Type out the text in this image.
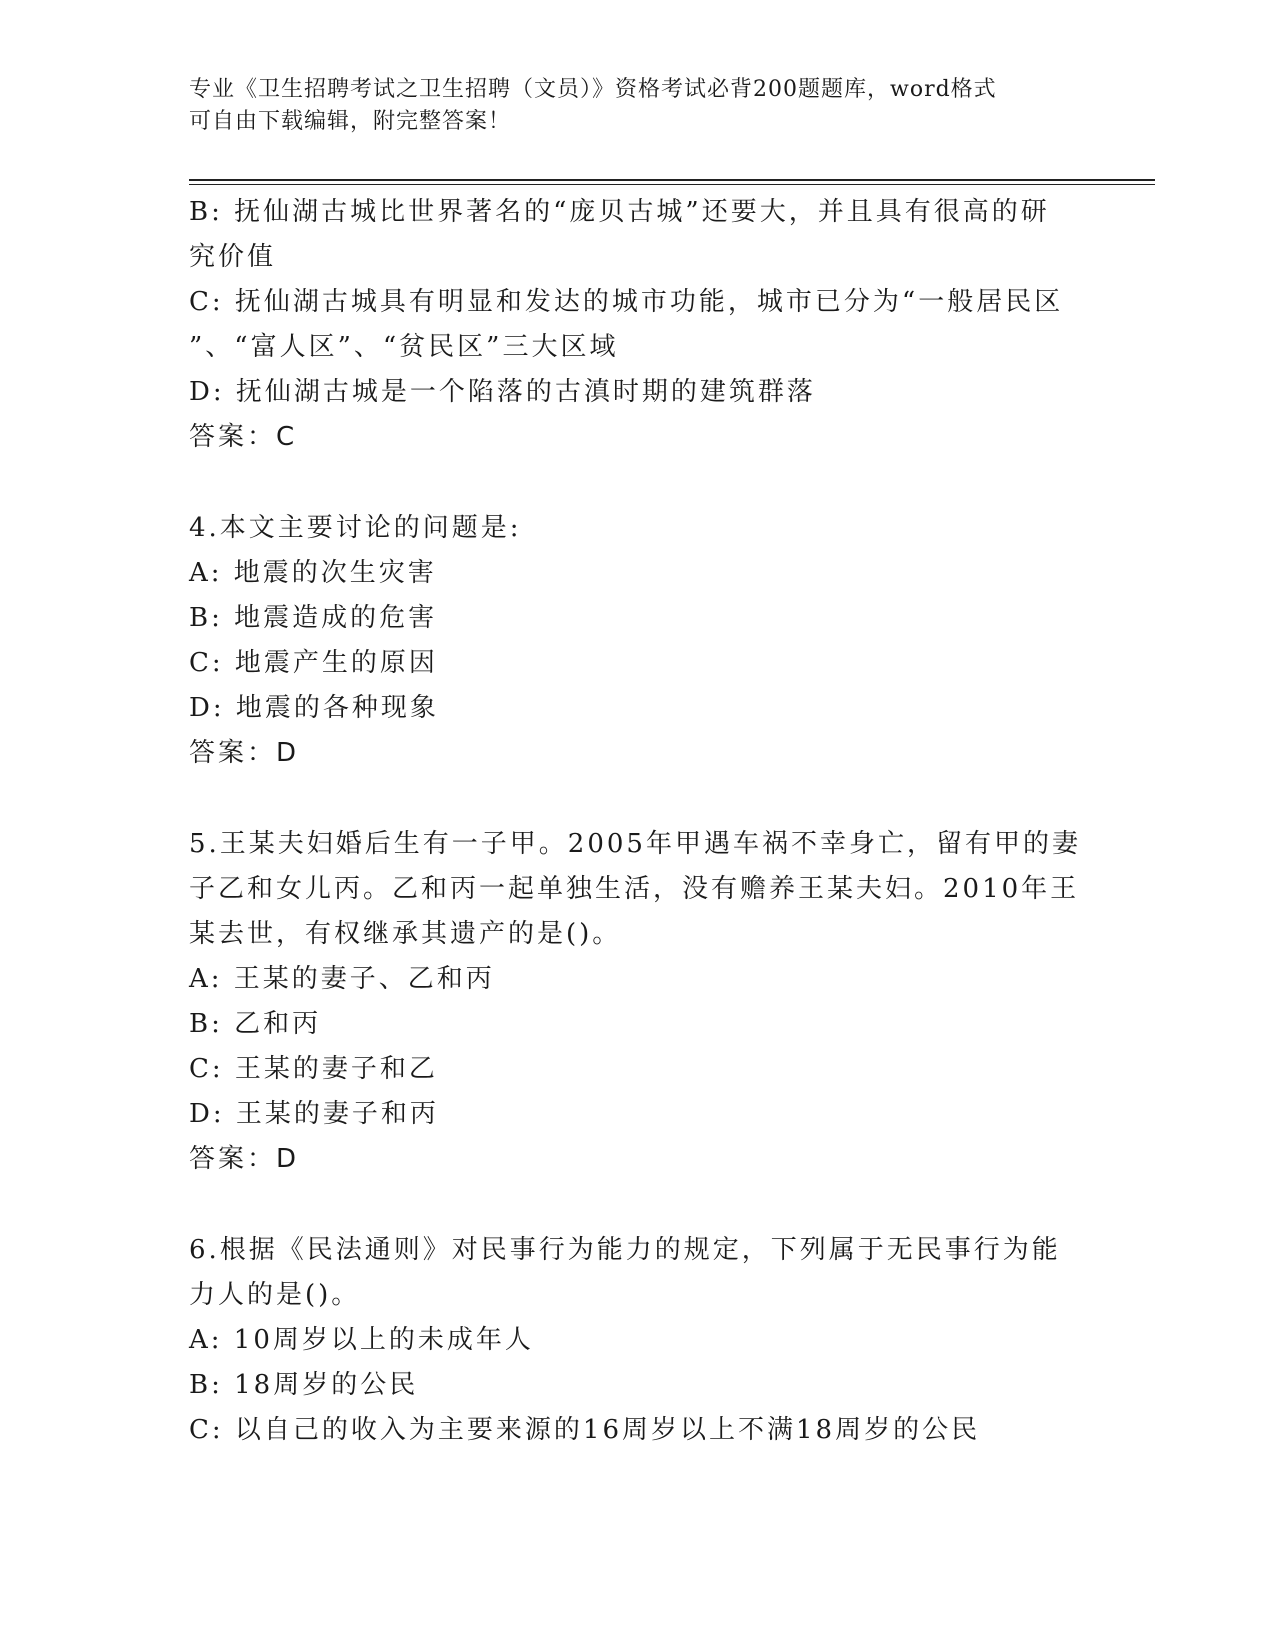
专业《卫生招聘考试之卫生招聘（文员）》资格考试必背200题题库，word格式
可自由下载编辑，附完整答案！
B: 抚仙湖古城比世界著名的“庞贝古城”还要大，并且具有很高的研
究价值
C: 抚仙湖古城具有明显和发达的城市功能，城市已分为“一般居民区
”、“富人区”、“贫民区”三大区域
D: 抚仙湖古城是一个陷落的古滇时期的建筑群落
答案：C
4.本文主要讨论的问题是:
A: 地震的次生灾害
B: 地震造成的危害
C: 地震产生的原因
D: 地震的各种现象
答案：D
5.王某夫妇婚后生有一子甲。2005年甲遇车祸不幸身亡，留有甲的妻
子乙和女儿丙。乙和丙一起单独生活，没有赡养王某夫妇。2010年王
某去世，有权继承其遗产的是()。
A: 王某的妻子、乙和丙
B: 乙和丙
C: 王某的妻子和乙
D: 王某的妻子和丙
答案：D
6.根据《民法通则》对民事行为能力的规定，下列属于无民事行为能
力人的是()。
A: 10周岁以上的未成年人
B: 18周岁的公民
C: 以自己的收入为主要来源的16周岁以上不满18周岁的公民
